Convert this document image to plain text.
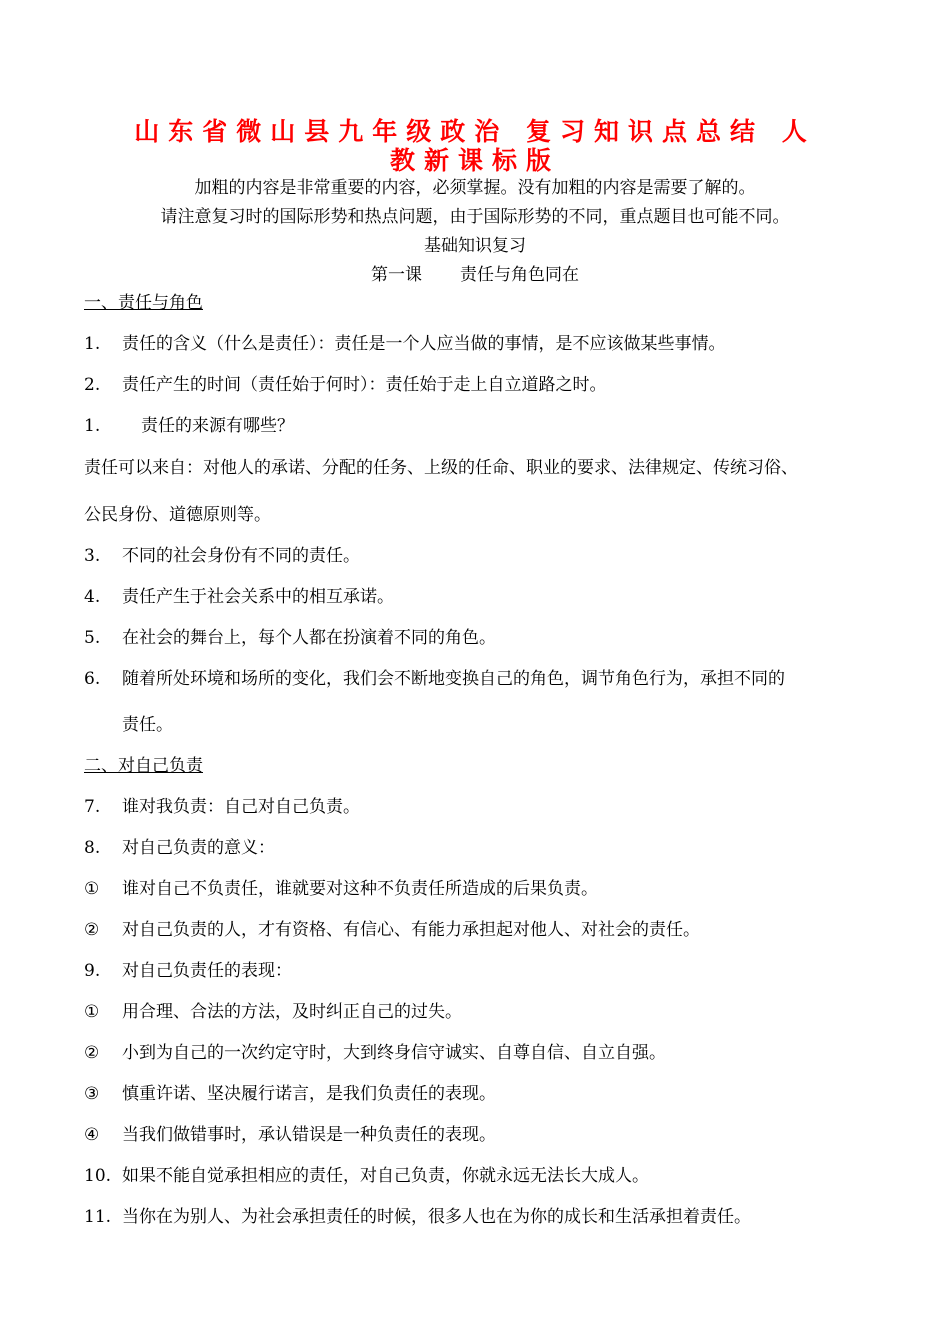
山东省微山县九年级政治 复习知识点总结 人
教新课标版
加粗的内容是非常重要的内容，必须掌握。没有加粗的内容是需要了解的。
请注意复习时的国际形势和热点问题，由于国际形势的不同，重点题目也可能不同。
基础知识复习
第一课 责任与角色同在
一、责任与角色
1. 责任的含义（什么是责任）：责任是一个人应当做的事情，是不应该做某些事情。
2. 责任产生的时间（责任始于何时）：责任始于走上自立道路之时。
1. 责任的来源有哪些？
责任可以来自：对他人的承诺、分配的任务、上级的任命、职业的要求、法律规定、传统习俗、
公民身份、道德原则等。
3. 不同的社会身份有不同的责任。
4. 责任产生于社会关系中的相互承诺。
5. 在社会的舞台上，每个人都在扮演着不同的角色。
6. 随着所处环境和场所的变化，我们会不断地变换自己的角色，调节角色行为，承担不同的
责任。
二、对自己负责
7. 谁对我负责：自己对自己负责。
8. 对自己负责的意义：
① 谁对自己不负责任，谁就要对这种不负责任所造成的后果负责。
② 对自己负责的人，才有资格、有信心、有能力承担起对他人、对社会的责任。
9. 对自己负责任的表现：
① 用合理、合法的方法，及时纠正自己的过失。
② 小到为自己的一次约定守时，大到终身信守诚实、自尊自信、自立自强。
③ 慎重许诺、坚决履行诺言，是我们负责任的表现。
④ 当我们做错事时，承认错误是一种负责任的表现。
10. 如果不能自觉承担相应的责任，对自己负责，你就永远无法长大成人。
11. 当你在为别人、为社会承担责任的时候，很多人也在为你的成长和生活承担着责任。
